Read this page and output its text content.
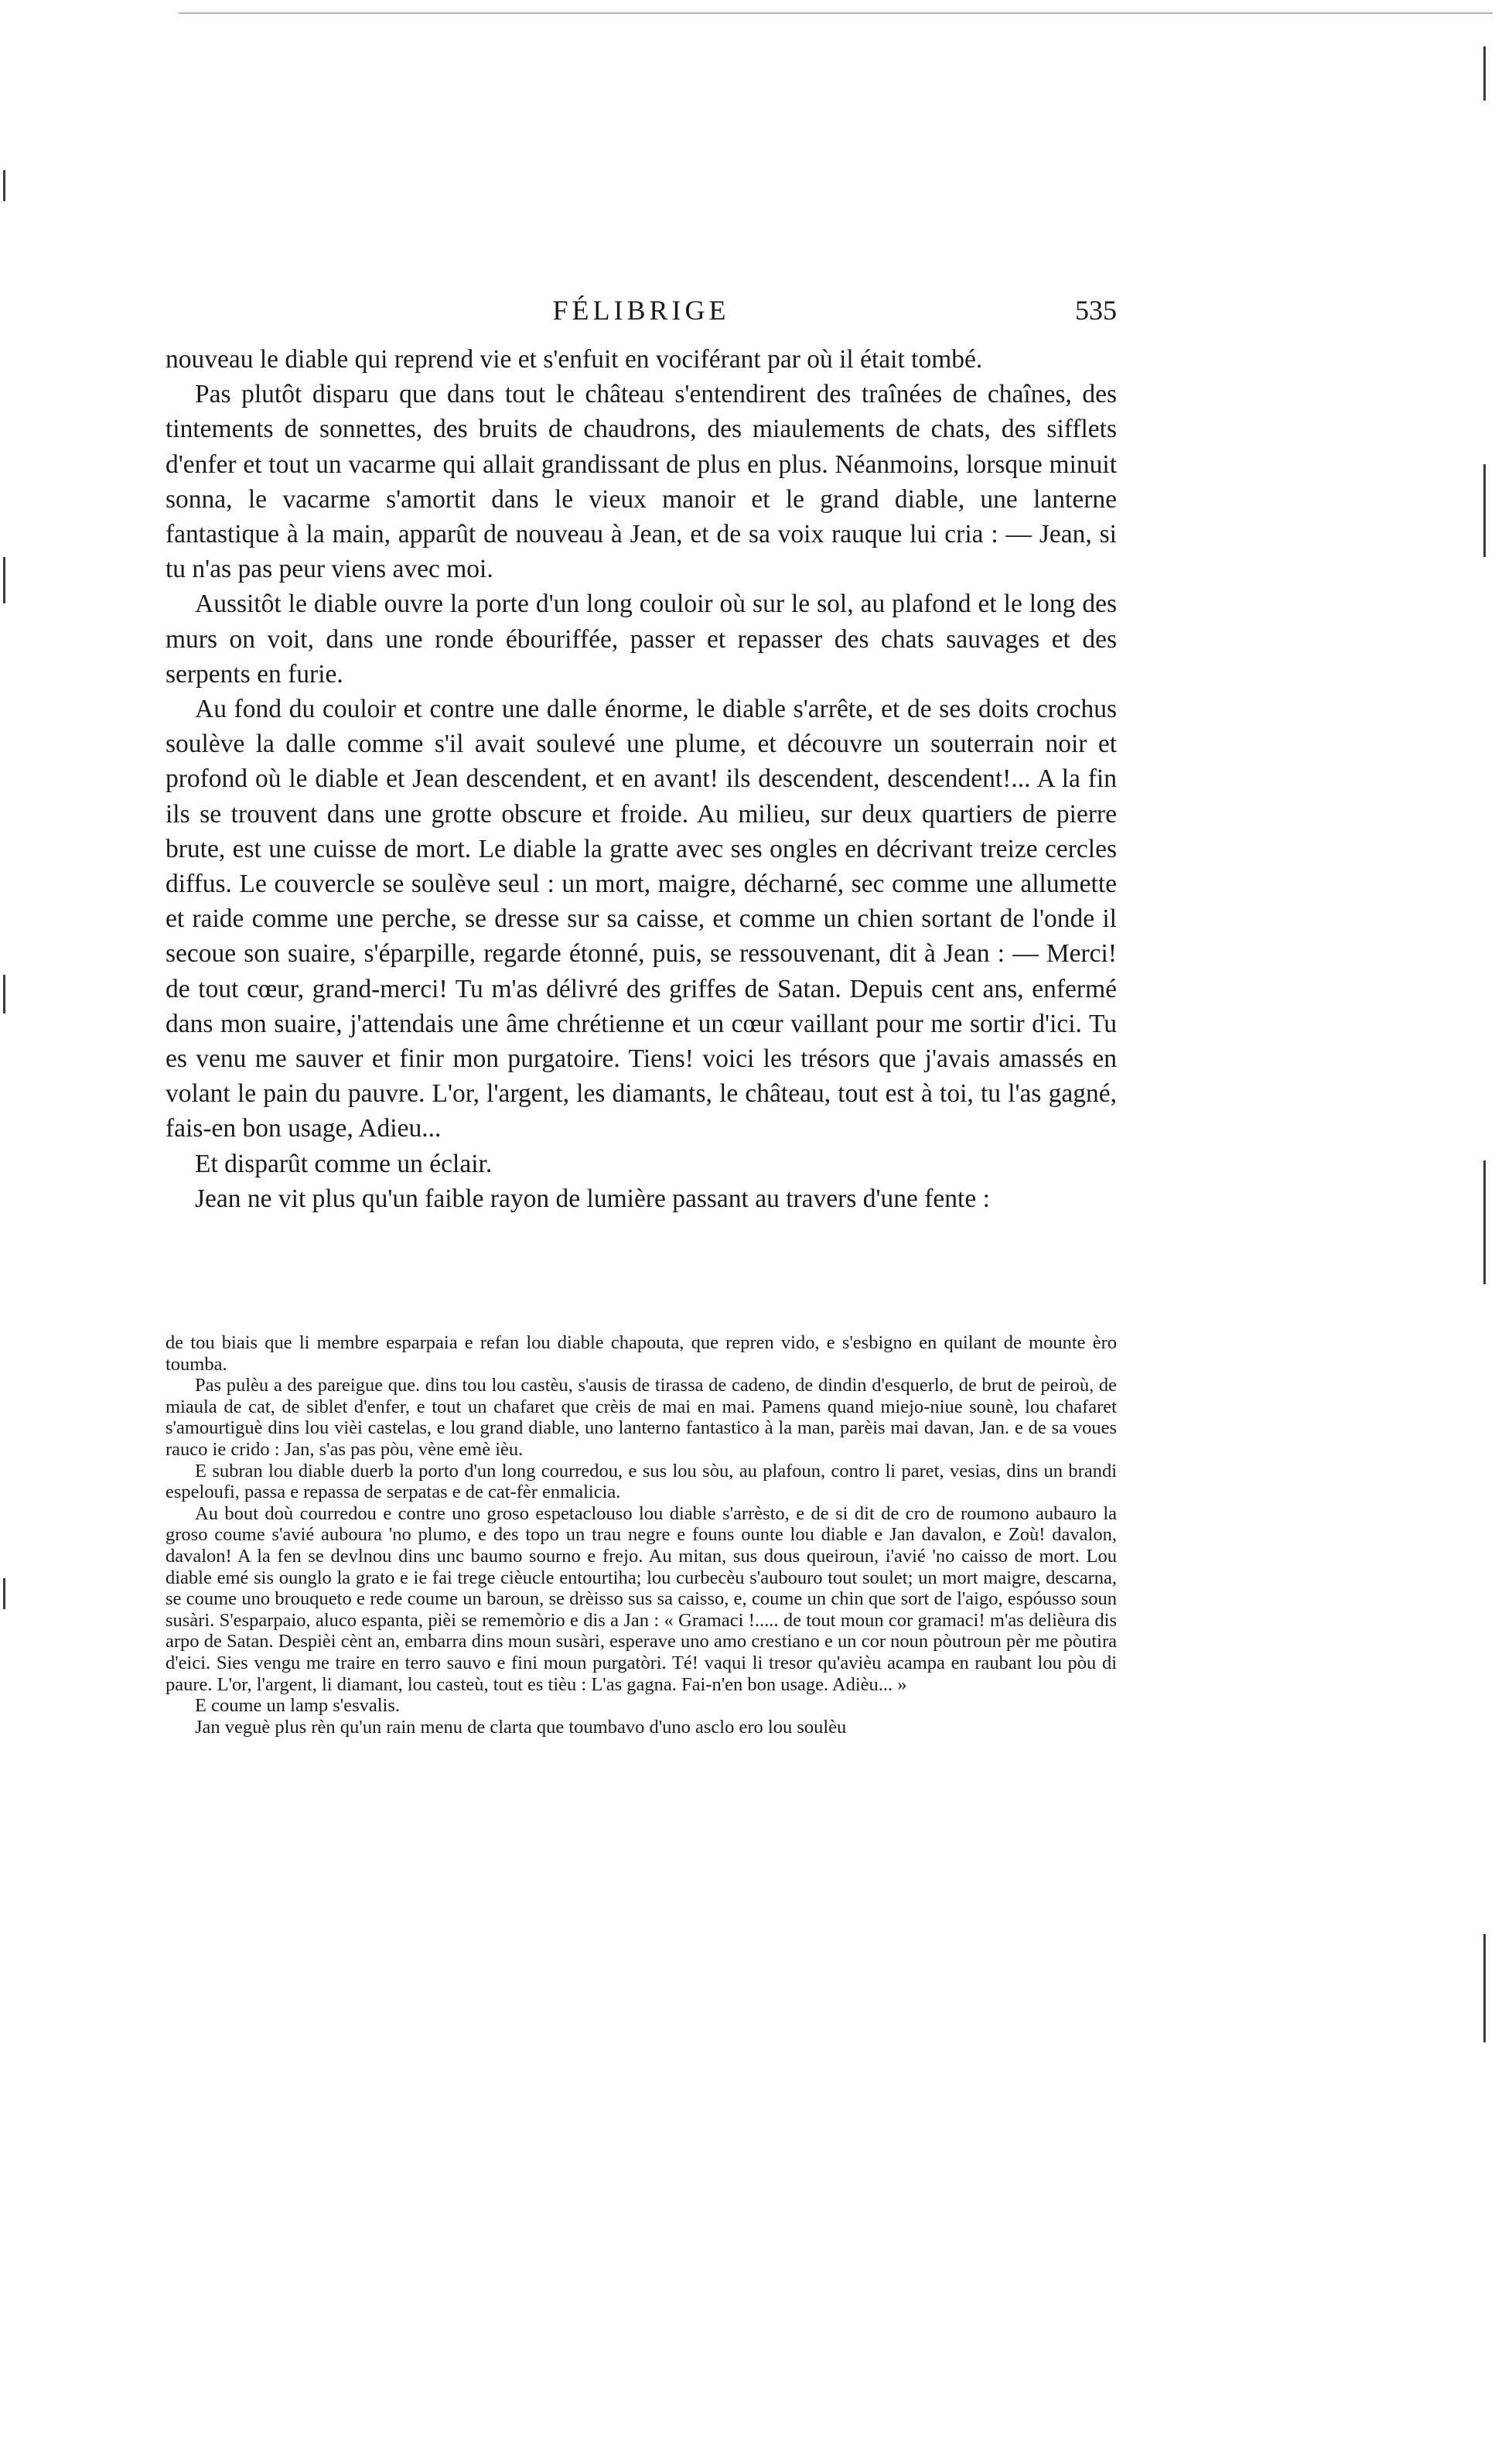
FÉLIBRIGE	535

nouveau le diable qui reprend vie et s'enfuit en vociférant par où il était tombé.

Pas plutôt disparu que dans tout le château s'entendirent des traînées de chaînes, des tintements de sonnettes, des bruits de chaudrons, des miaulements de chats, des sifflets d'enfer et tout un vacarme qui allait grandissant de plus en plus. Néanmoins, lorsque minuit sonna, le vacarme s'amortit dans le vieux manoir et le grand diable, une lanterne fantastique à la main, apparût de nouveau à Jean, et de sa voix rauque lui cria : — Jean, si tu n'as pas peur viens avec moi.

Aussitôt le diable ouvre la porte d'un long couloir où sur le sol, au plafond et le long des murs on voit, dans une ronde ébouriffée, passer et repasser des chats sauvages et des serpents en furie.

Au fond du couloir et contre une dalle énorme, le diable s'arrête, et de ses doits crochus soulève la dalle comme s'il avait soulevé une plume, et découvre un souterrain noir et profond où le diable et Jean descendent, et en avant! ils descendent, descendent!... A la fin ils se trouvent dans une grotte obscure et froide. Au milieu, sur deux quartiers de pierre brute, est une cuisse de mort. Le diable la gratte avec ses ongles en décrivant treize cercles diffus. Le couvercle se soulève seul : un mort, maigre, décharné, sec comme une allumette et raide comme une perche, se dresse sur sa caisse, et comme un chien sortant de l'onde il secoue son suaire, s'éparpille, regarde étonné, puis, se ressouvenant, dit à Jean : — Merci! de tout cœur, grand-merci! Tu m'as délivré des griffes de Satan. Depuis cent ans, enfermé dans mon suaire, j'attendais une âme chrétienne et un cœur vaillant pour me sortir d'ici. Tu es venu me sauver et finir mon purgatoire. Tiens! voici les trésors que j'avais amassés en volant le pain du pauvre. L'or, l'argent, les diamants, le château, tout est à toi, tu l'as gagné, fais-en bon usage, Adieu...

Et disparût comme un éclair.

Jean ne vit plus qu'un faible rayon de lumière passant au travers d'une fente :

de tou biais que li membre esparpaia e refan lou diable chapouta, que repren vido, e s'esbigno en quilant de mounte èro toumba.

Pas pulèu a des pareigue que. dins tou lou castèu, s'ausis de tirassa de cadeno, de dindin d'esquerlo, de brut de peiroù, de miaula de cat, de siblet d'enfer, e tout un chafaret que crèis de mai en mai. Pamens quand miejo-niue sounè, lou chafaret s'amourtiguè dins lou vièi castelas, e lou grand diable, uno lanterno fantastico à la man, parèis mai davan, Jan. e de sa voues rauco ie crido : Jan, s'as pas pòu, vène emè ièu.

E subran lou diable duerb la porto d'un long courredou, e sus lou sòu, au plafoun, contro li paret, vesias, dins un brandi espeloufi, passa e repassa de serpatas e de cat-fèr enmalicia.

Au bout doù courredou e contre uno groso espetaclouso lou diable s'arrèsto, e de si dit de cro de roumono aubauro la groso coume s'avié auboura 'no plumo, e des topo un trau negre e founs ounte lou diable e Jan davalon, e Zoù! davalon, davalon! A la fen se devlnou dins unc baumo sourno e frejo. Au mitan, sus dous queiroun, i'avié 'no caisso de mort. Lou diable emé sis ounglo la grato e ie fai trege cièucle entourtiha; lou curbecèu s'aubouro tout soulet; un mort maigre, descarna, se coume uno brouqueto e rede coume un baroun, se drèisso sus sa caisso, e, coume un chin que sort de l'aigo, espóusso soun susàri. S'esparpaio, aluco espanta, pièi se rememòrio e dis a Jan : « Gramaci !..... de tout moun cor gramaci! m'as delièura dis arpo de Satan. Despièi cènt an, embarra dins moun susàri, esperave uno amo crestiano e un cor noun pòutroun pèr me pòutira d'eici. Sies vengu me traire en terro sauvo e fini moun purgatòri. Té! vaqui li tresor qu'avièu acampa en raubant lou pòu di paure. L'or, l'argent, li diamant, lou casteù, tout es tièu : L'as gagna. Fai-n'en bon usage. Adièu... »

E coume un lamp s'esvalis.

Jan veguè plus rèn qu'un rain menu de clarta que toumbavo d'uno asclo ero lou soulèu
